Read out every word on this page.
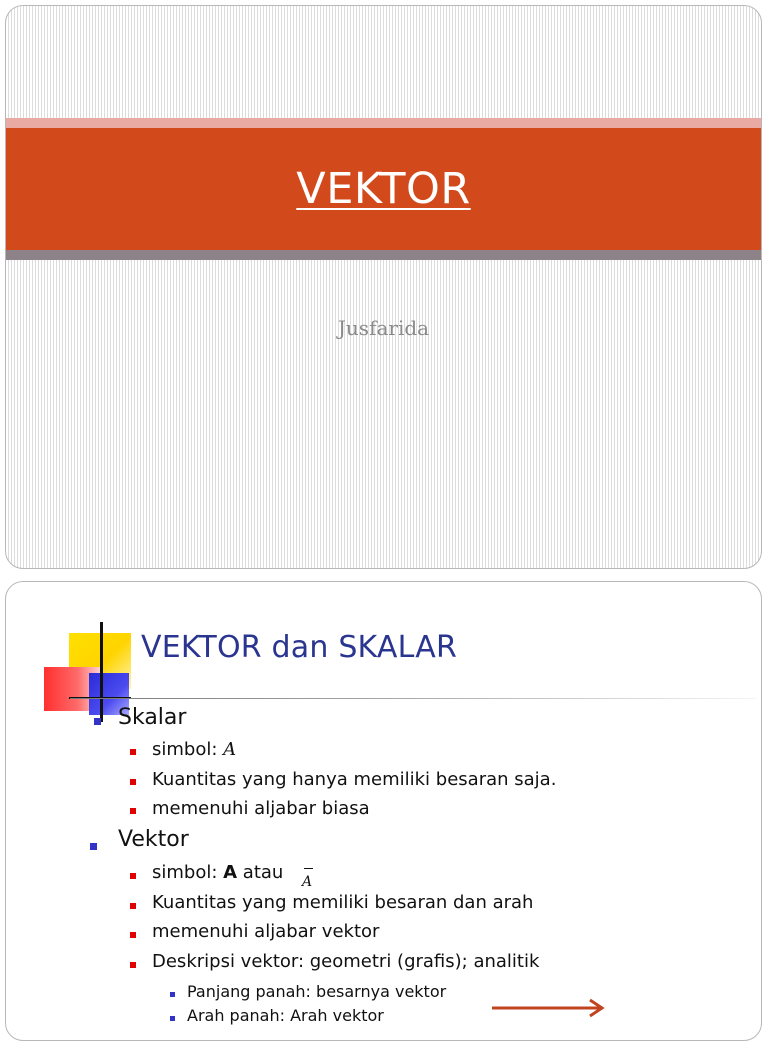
VEKTOR
Jusfarida
VEKTOR dan SKALAR
Skalar
simbol: A
Kuantitas yang hanya memiliki besaran saja.
memenuhi aljabar biasa
Vektor
simbol: A atau A
Kuantitas yang memiliki besaran dan arah
memenuhi aljabar vektor
Deskripsi vektor: geometri (grafis); analitik
Panjang panah: besarnya vektor
Arah panah: Arah vektor
